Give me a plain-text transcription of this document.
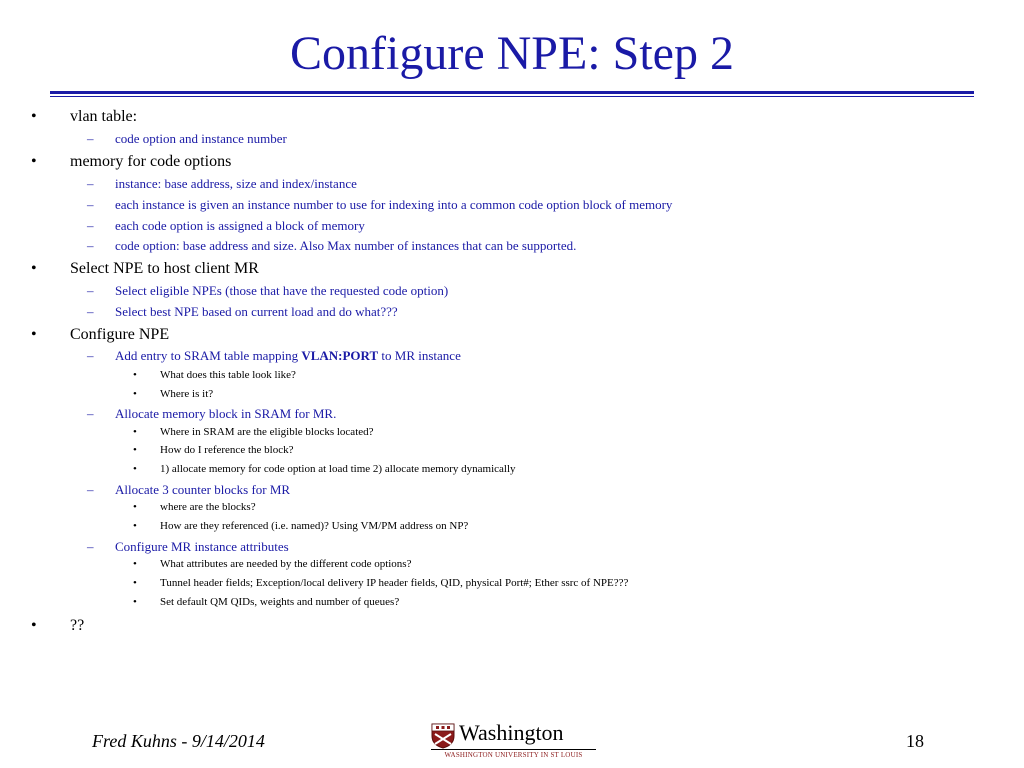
Configure NPE: Step 2
• vlan table:
– code option and instance number
• memory for code options
– instance: base address, size and index/instance
– each instance is given an instance number to use for indexing into a common code option block of memory
– each code option is assigned a block of memory
– code option: base address and size. Also Max number of instances that can be supported.
• Select NPE to host client MR
– Select eligible NPEs (those that have the requested code option)
– Select best NPE based on current load and do what???
• Configure NPE
– Add entry to SRAM table mapping VLAN:PORT to MR instance
• What does this table look like?
• Where is it?
– Allocate memory block in SRAM for MR.
• Where in SRAM are the eligible blocks located?
• How do I reference the block?
• 1) allocate memory for code option at load time 2) allocate memory dynamically
– Allocate 3 counter blocks for MR
• where are the blocks?
• How are they referenced (i.e. named)? Using VM/PM address on NP?
– Configure MR instance attributes
• What attributes are needed by the different code options?
• Tunnel header fields; Exception/local delivery IP header fields, QID, physical Port#; Ether ssrc of NPE???
• Set default QM QIDs, weights and number of queues?
• ??
Fred Kuhns - 9/14/2014	Washington
WASHINGTON UNIVERSITY IN ST LOUIS
18
